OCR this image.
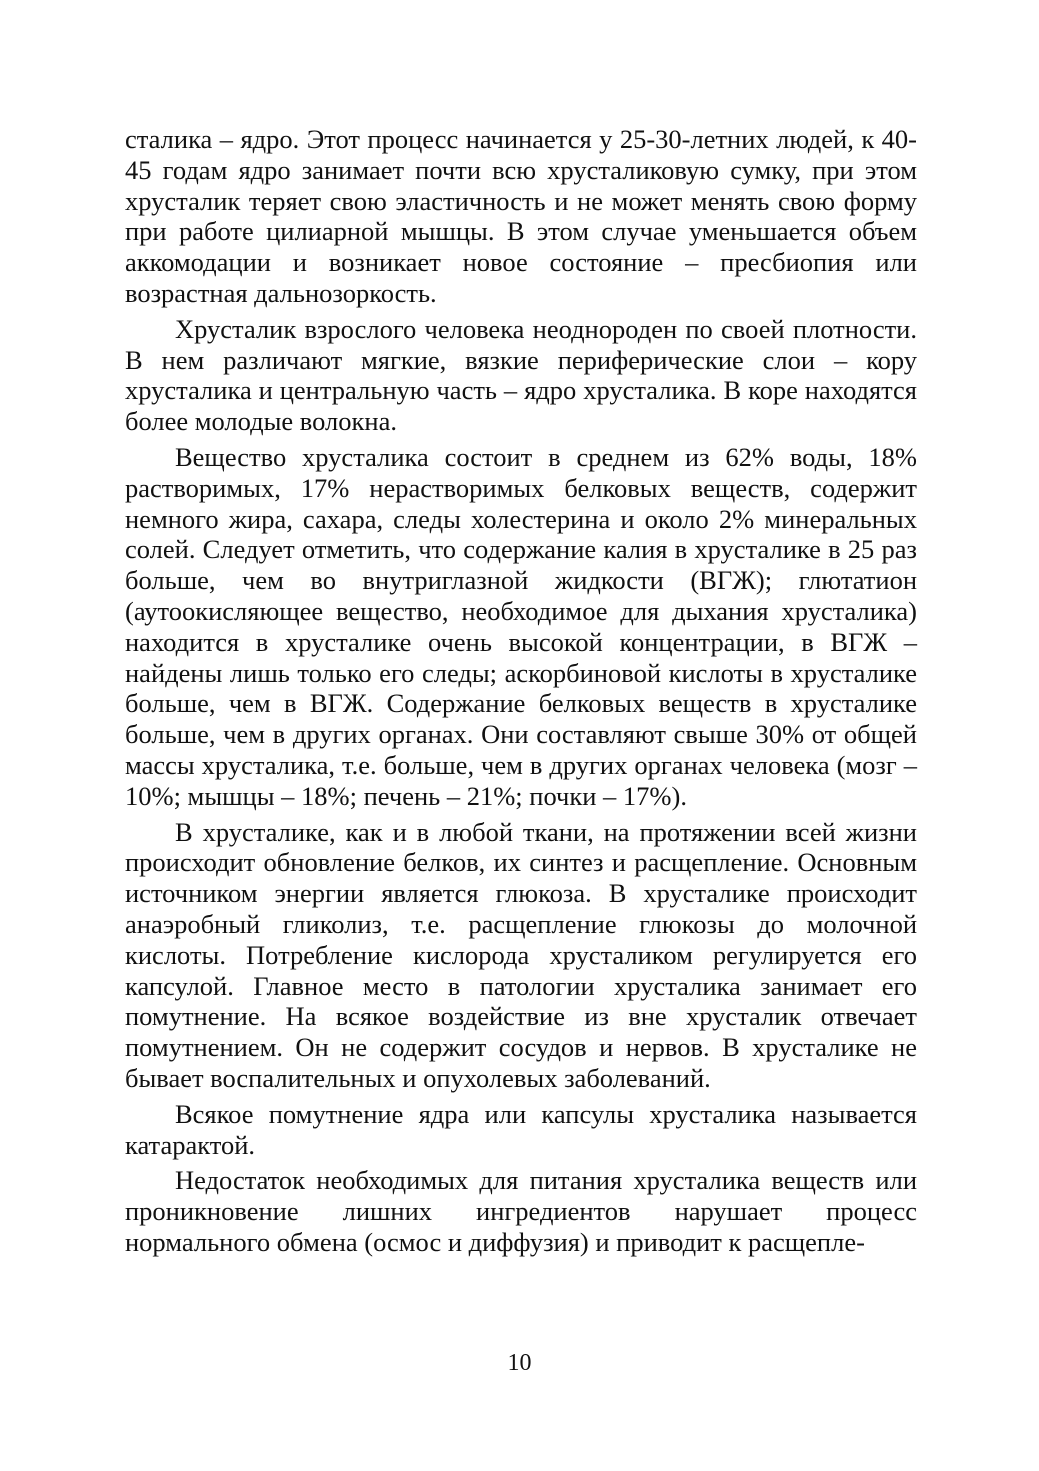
сталика – ядро. Этот процесс начинается у 25-30-летних людей, к 40-45 годам ядро занимает почти всю хрусталиковую сумку, при этом хрусталик теряет свою эластичность и не может менять свою форму при работе цилиарной мышцы. В этом случае уменьшается объем аккомодации и возникает новое состояние – пресбиопия или возрастная дальнозоркость.

Хрусталик взрослого человека неоднороден по своей плотности. В нем различают мягкие, вязкие периферические слои – кору хрусталика и центральную часть – ядро хрусталика. В коре находятся более молодые волокна.

Вещество хрусталика состоит в среднем из 62% воды, 18% растворимых, 17% нерастворимых белковых веществ, содержит немного жира, сахара, следы холестерина и около 2% минеральных солей. Следует отметить, что содержание калия в хрусталике в 25 раз больше, чем во внутриглазной жидкости (ВГЖ); глютатион (аутоокисляющее вещество, необходимое для дыхания хрусталика) находится в хрусталике очень высокой концентрации, в ВГЖ – найдены лишь только его следы; аскорбиновой кислоты в хрусталике больше, чем в ВГЖ. Содержание белковых веществ в хрусталике больше, чем в других органах. Они составляют свыше 30% от общей массы хрусталика, т.е. больше, чем в других органах человека (мозг – 10%; мышцы – 18%; печень – 21%; почки – 17%).

В хрусталике, как и в любой ткани, на протяжении всей жизни происходит обновление белков, их синтез и расщепление. Основным источником энергии является глюкоза. В хрусталике происходит анаэробный гликолиз, т.е. расщепление глюкозы до молочной кислоты. Потребление кислорода хрусталиком регулируется его капсулой. Главное место в патологии хрусталика занимает его помутнение. На всякое воздействие из вне хрусталик отвечает помутнением. Он не содержит сосудов и нервов. В хрусталике не бывает воспалительных и опухолевых заболеваний.

Всякое помутнение ядра или капсулы хрусталика называется катарактой.

Недостаток необходимых для питания хрусталика веществ или проникновение лишних ингредиентов нарушает процесс нормального обмена (осмос и диффузия) и приводит к расщепле-

10
